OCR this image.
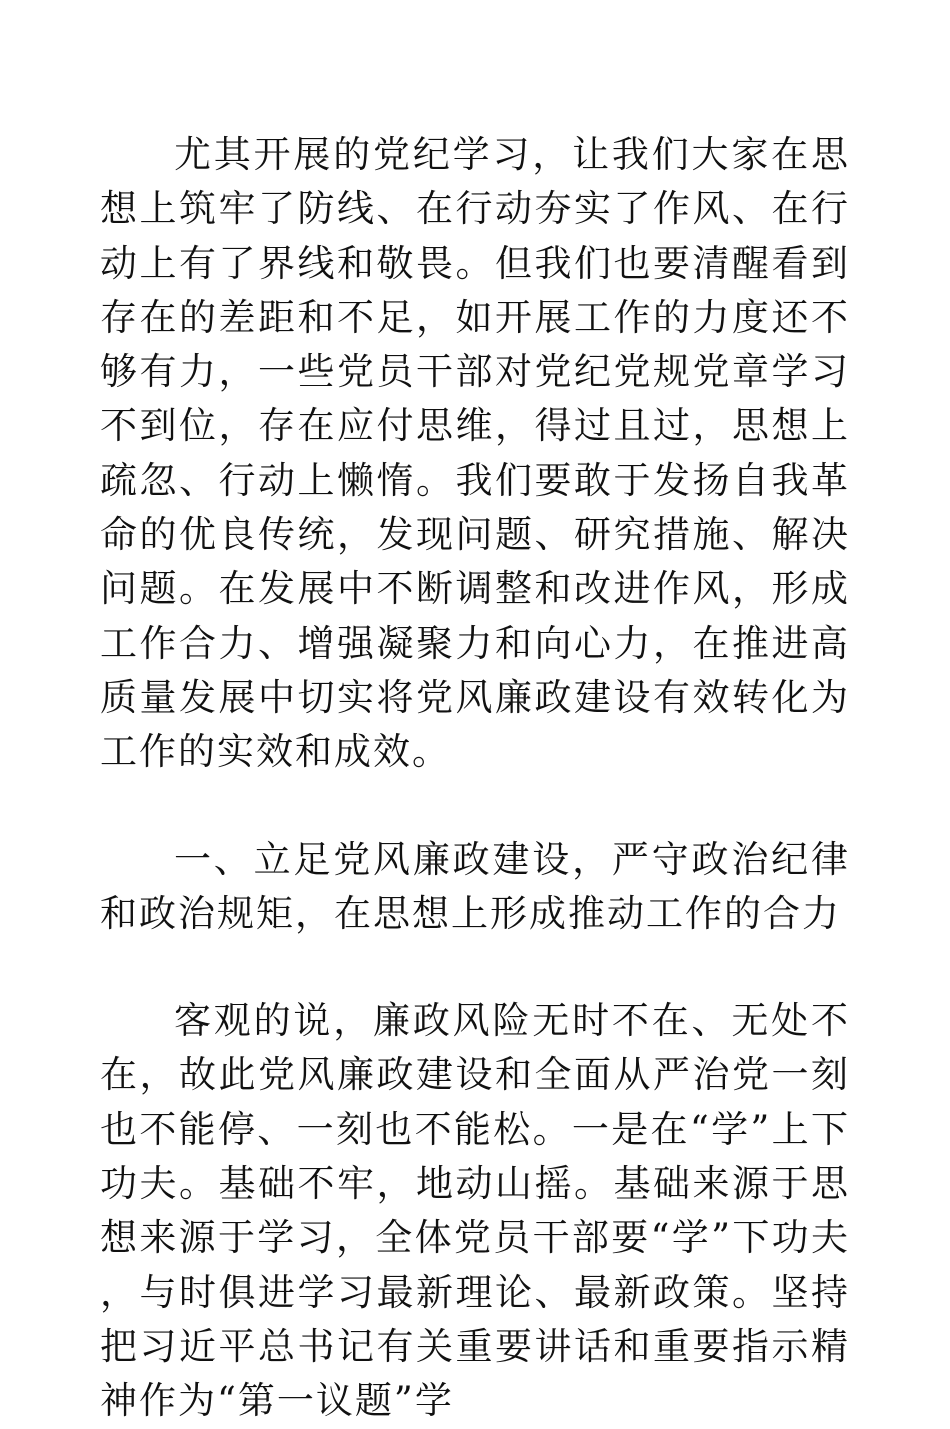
尤其开展的党纪学习，让我们大家在思想上筑牢了防线、在行动夯实了作风、在行动上有了界线和敬畏。但我们也要清醒看到存在的差距和不足，如开展工作的力度还不够有力，一些党员干部对党纪党规党章学习不到位，存在应付思维，得过且过，思想上疏忽、行动上懒惰。我们要敢于发扬自我革命的优良传统，发现问题、研究措施、解决问题。在发展中不断调整和改进作风，形成工作合力、增强凝聚力和向心力，在推进高质量发展中切实将党风廉政建设有效转化为工作的实效和成效。

一、立足党风廉政建设，严守政治纪律和政治规矩，在思想上形成推动工作的合力

客观的说，廉政风险无时不在、无处不在，故此党风廉政建设和全面从严治党一刻也不能停、一刻也不能松。一是在“学”上下功夫。基础不牢，地动山摇。基础来源于思想来源于学习，全体党员干部要“学”下功夫，与时俱进学习最新理论、最新政策。坚持把习近平总书记有关重要讲话和重要指示精神作为“第一议题”学
